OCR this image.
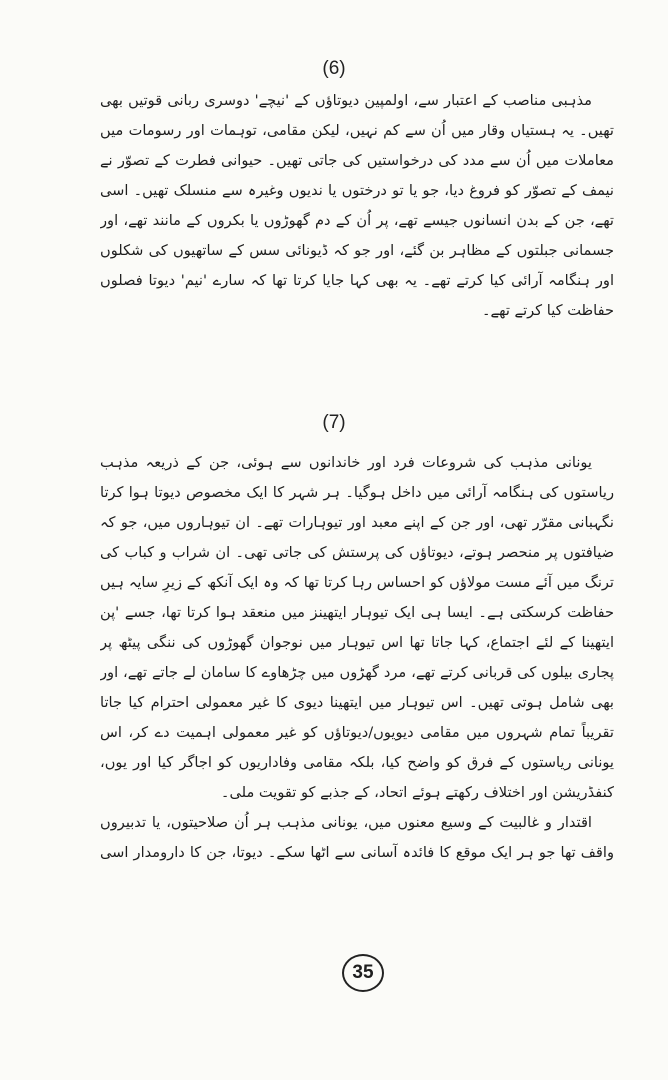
(6)
مذہبی مناصب کے اعتبار سے، اولمپین دیوتاؤں کے 'نیچے' دوسری ربانی قوتیں بھی
تھیں۔ یہ ہستیاں وقار میں اُن سے کم نہیں، لیکن مقامی، توہمات اور رسومات میں
معاملات میں اُن سے مدد کی درخواستیں کی جاتی تھیں۔ حیوانی فطرت کے تصوّر نے
نیمف کے تصوّر کو فروغ دیا، جو یا تو درختوں یا ندیوں وغیرہ سے منسلک تھیں۔ اسی
تھے، جن کے بدن انسانوں جیسے تھے، پر اُن کے دم گھوڑوں یا بکروں کے مانند تھے، اور
جسمانی جبلتوں کے مظاہر بن گئے، اور جو کہ ڈیونائی سس کے ساتھیوں کی شکلوں
اور ہنگامہ آرائی کیا کرتے تھے۔ یہ بھی کہا جایا کرتا تھا کہ سارے 'نیم' دیوتا فصلوں
حفاظت کیا کرتے تھے۔
(7)
یونانی مذہب کی شروعات فرد اور خاندانوں سے ہوئی، جن کے ذریعہ مذہب
ریاستوں کی ہنگامہ آرائی میں داخل ہوگیا۔ ہر شہر کا ایک مخصوص دیوتا ہوا کرتا
نگہبانی مقرّر تھی، اور جن کے اپنے معبد اور تیوہارات تھے۔ ان تیوہاروں میں، جو کہ
ضیافتوں پر منحصر ہوتے، دیوتاؤں کی پرستش کی جاتی تھی۔ ان شراب و کباب کی
ترنگ میں آئے مست مولاؤں کو احساس رہا کرتا تھا کہ وہ ایک آنکھ کے زیرِ سایہ ہیں
حفاظت کرسکتی ہے۔ ایسا ہی ایک تیوہار ایتھینز میں منعقد ہوا کرتا تھا، جسے 'پن
ایتھینا کے لئے اجتماع، کہا جاتا تھا اس تیوہار میں نوجوان گھوڑوں کی ننگی پیٹھ پر
پجاری بیلوں کی قربانی کرتے تھے، مرد گھڑوں میں چڑھاوے کا سامان لے جاتے تھے، اور
بھی شامل ہوتی تھیں۔ اس تیوہار میں ایتھینا دیوی کا غیر معمولی احترام کیا جاتا
تقریباً تمام شہروں میں مقامی دیویوں/دیوتاؤں کو غیر معمولی اہمیت دے کر، اس
یونانی ریاستوں کے فرق کو واضح کیا، بلکہ مقامی وفاداریوں کو اجاگر کیا اور یوں،
کنفڈریشن اور اختلاف رکھتے ہوئے اتحاد، کے جذبے کو تقویت ملی۔
اقتدار و غالبیت کے وسیع معنوں میں، یونانی مذہب ہر اُن صلاحیتوں، یا تدبیروں
واقف تھا جو ہر ایک موقع کا فائدہ آسانی سے اٹھا سکے۔ دیوتا، جن کا دارومدار اسی
35
